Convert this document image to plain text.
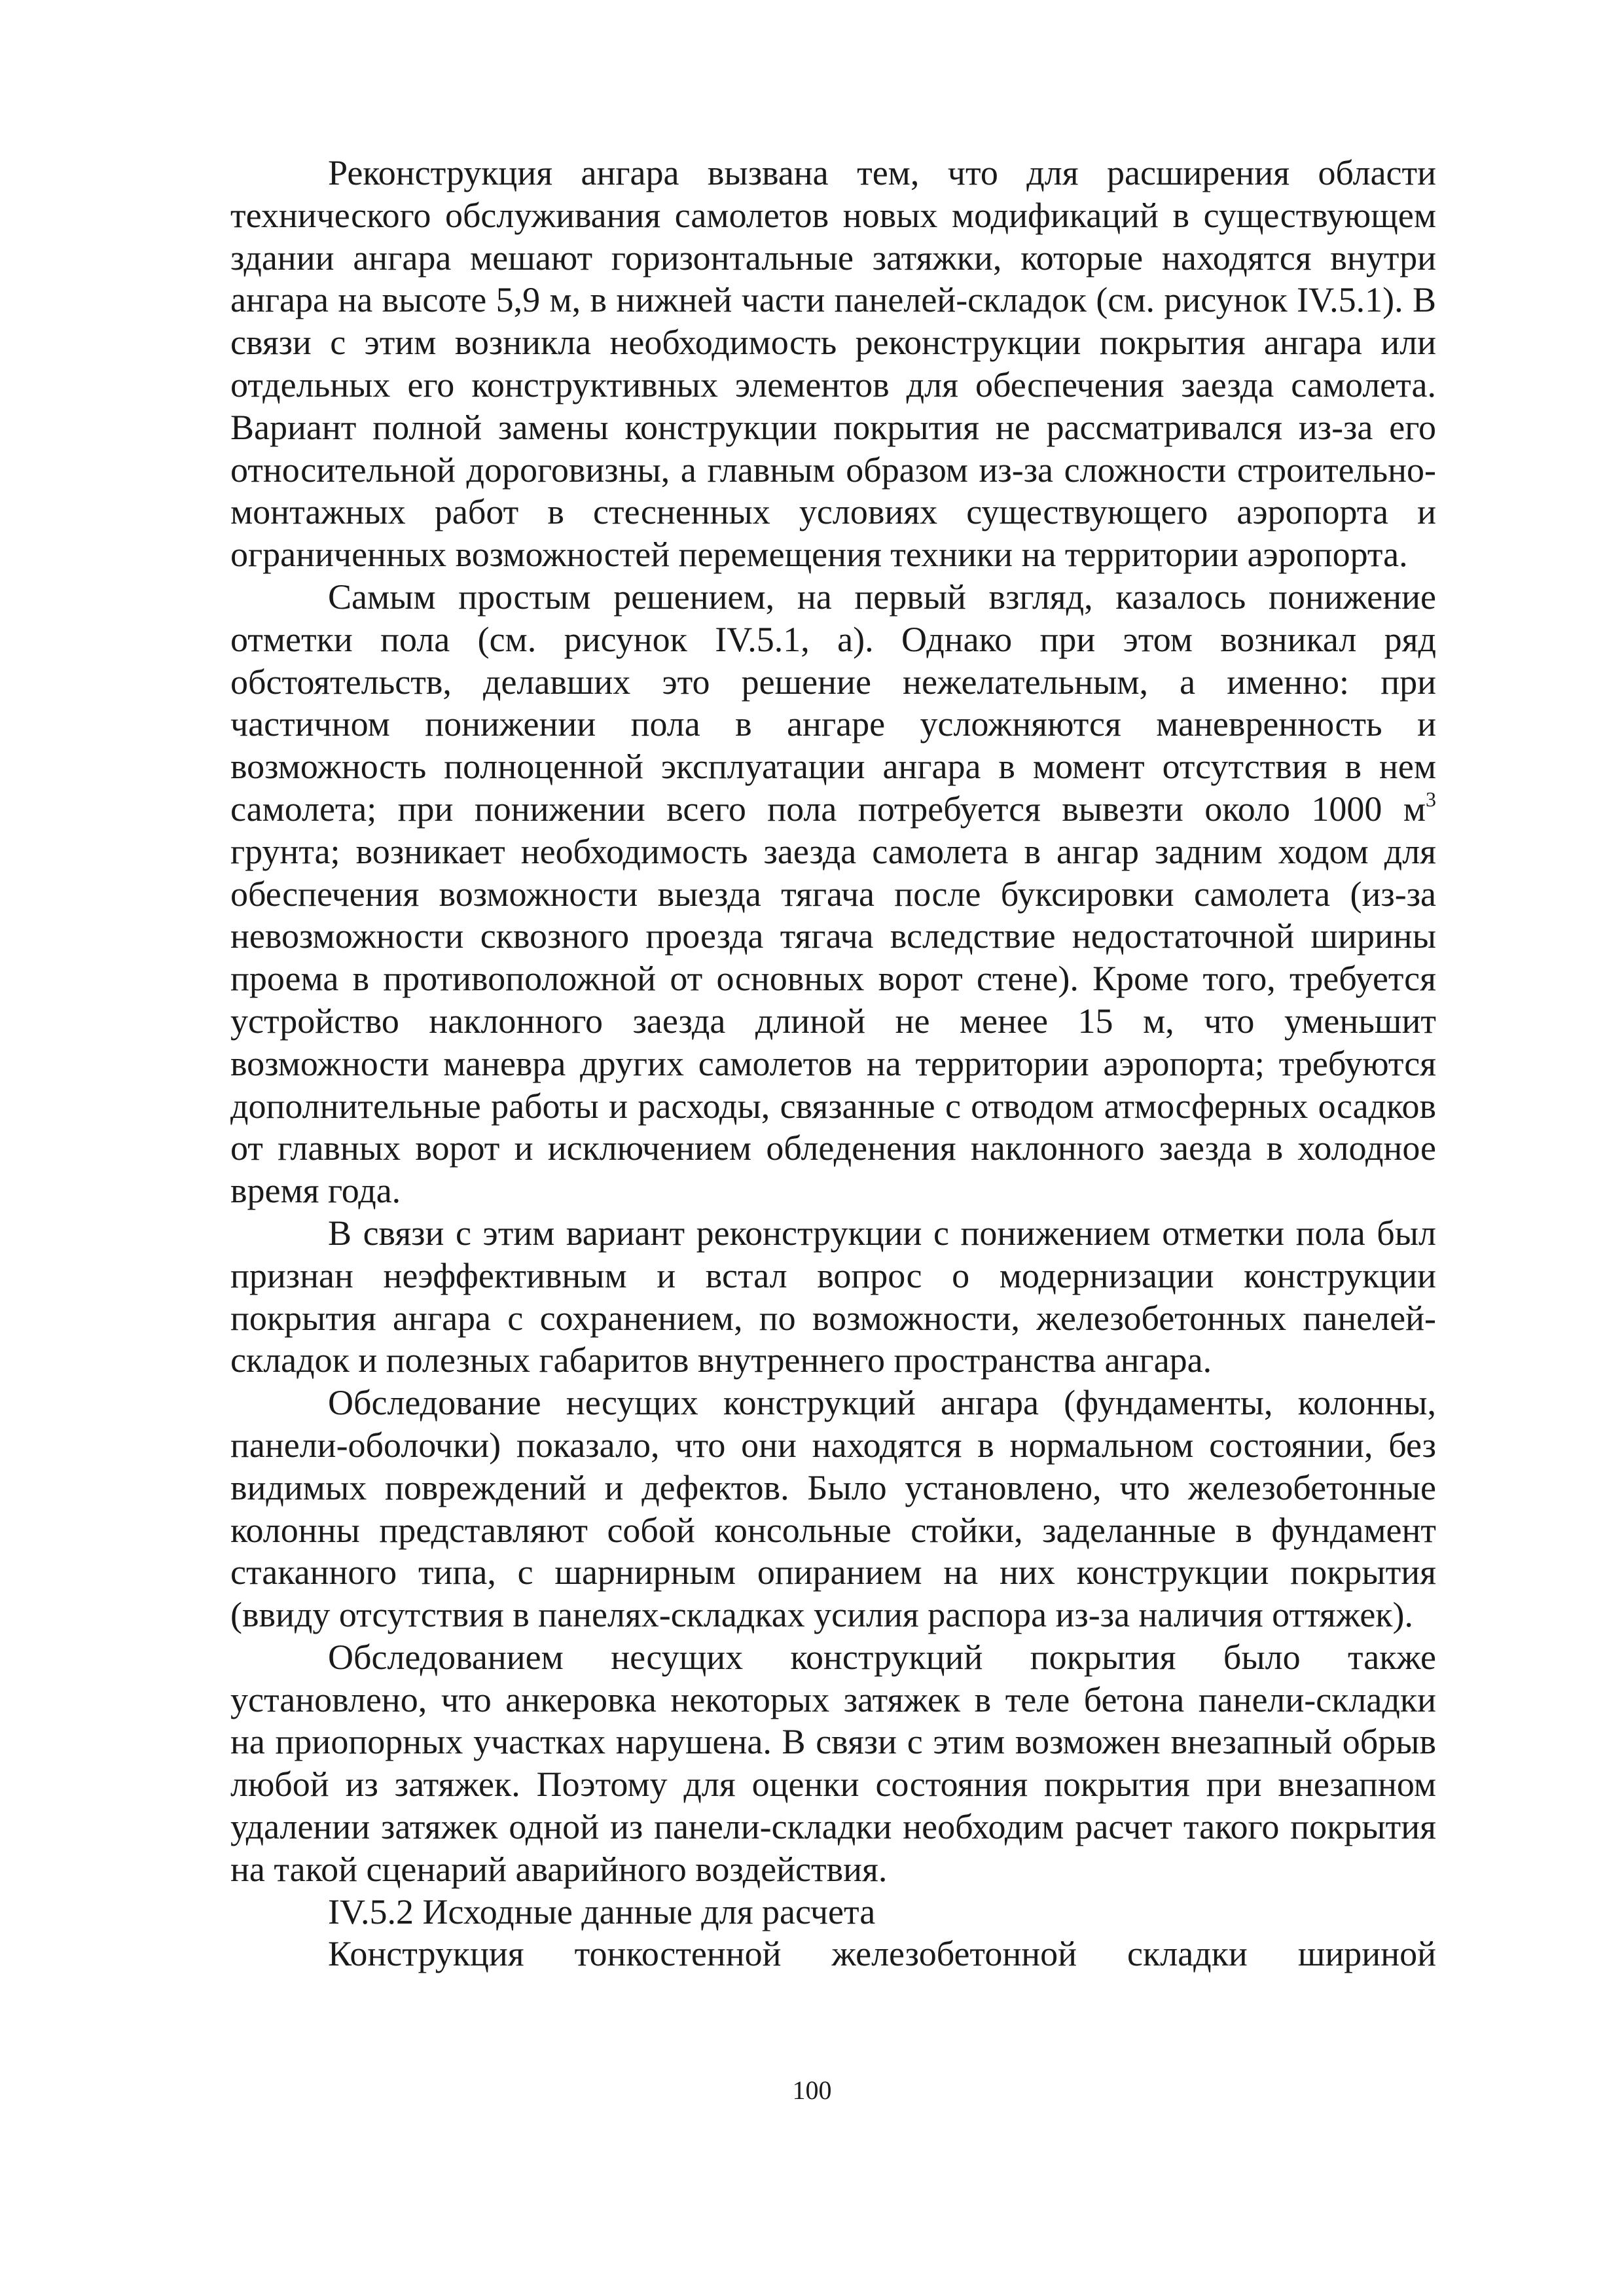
Реконструкция ангара вызвана тем, что для расширения области технического обслуживания самолетов новых модификаций в существующем здании ангара мешают горизонтальные затяжки, которые находятся внутри ангара на высоте 5,9 м, в нижней части панелей-складок (см. рисунок IV.5.1). В связи с этим возникла необходимость реконструкции покрытия ангара или отдельных его конструктивных элементов для обеспечения заезда самолета. Вариант полной замены конструкции покрытия не рассматривался из-за его относительной дороговизны, а главным образом из-за сложности строительно-монтажных работ в стесненных условиях существующего аэропорта и ограниченных возможностей перемещения техники на территории аэропорта.

Самым простым решением, на первый взгляд, казалось понижение отметки пола (см. рисунок IV.5.1, а). Однако при этом возникал ряд обстоятельств, делавших это решение нежелательным, а именно: при частичном понижении пола в ангаре усложняются маневренность и возможность полноценной эксплуатации ангара в момент отсутствия в нем самолета; при понижении всего пола потребуется вывезти около 1000 $м^3$ грунта; возникает необходимость заезда самолета в ангар задним ходом для обеспечения возможности выезда тягача после буксировки самолета (из-за невозможности сквозного проезда тягача вследствие недостаточной ширины проема в противоположной от основных ворот стене). Кроме того, требуется устройство наклонного заезда длиной не менее 15 м, что уменьшит возможности маневра других самолетов на территории аэропорта; требуются дополнительные работы и расходы, связанные с отводом атмосферных осадков от главных ворот и исключением обледенения наклонного заезда в холодное время года.

В связи с этим вариант реконструкции с понижением отметки пола был признан неэффективным и встал вопрос о модернизации конструкции покрытия ангара с сохранением, по возможности, железобетонных панелей-складок и полезных габаритов внутреннего пространства ангара.

Обследование несущих конструкций ангара (фундаменты, колонны, панели-оболочки) показало, что они находятся в нормальном состоянии, без видимых повреждений и дефектов. Было установлено, что железобетонные колонны представляют собой консольные стойки, заделанные в фундамент стаканного типа, с шарнирным опиранием на них конструкции покрытия (ввиду отсутствия в панелях-складках усилия распора из-за наличия оттяжек).

Обследованием несущих конструкций покрытия было также установлено, что анкеровка некоторых затяжек в теле бетона панели-складки на приопорных участках нарушена. В связи с этим возможен внезапный обрыв любой из затяжек. Поэтому для оценки состояния покрытия при внезапном удалении затяжек одной из панели-складки необходим расчет такого покрытия на такой сценарий аварийного воздействия.

IV.5.2 Исходные данные для расчета

Конструкция тонкостенной железобетонной складки шириной

100
